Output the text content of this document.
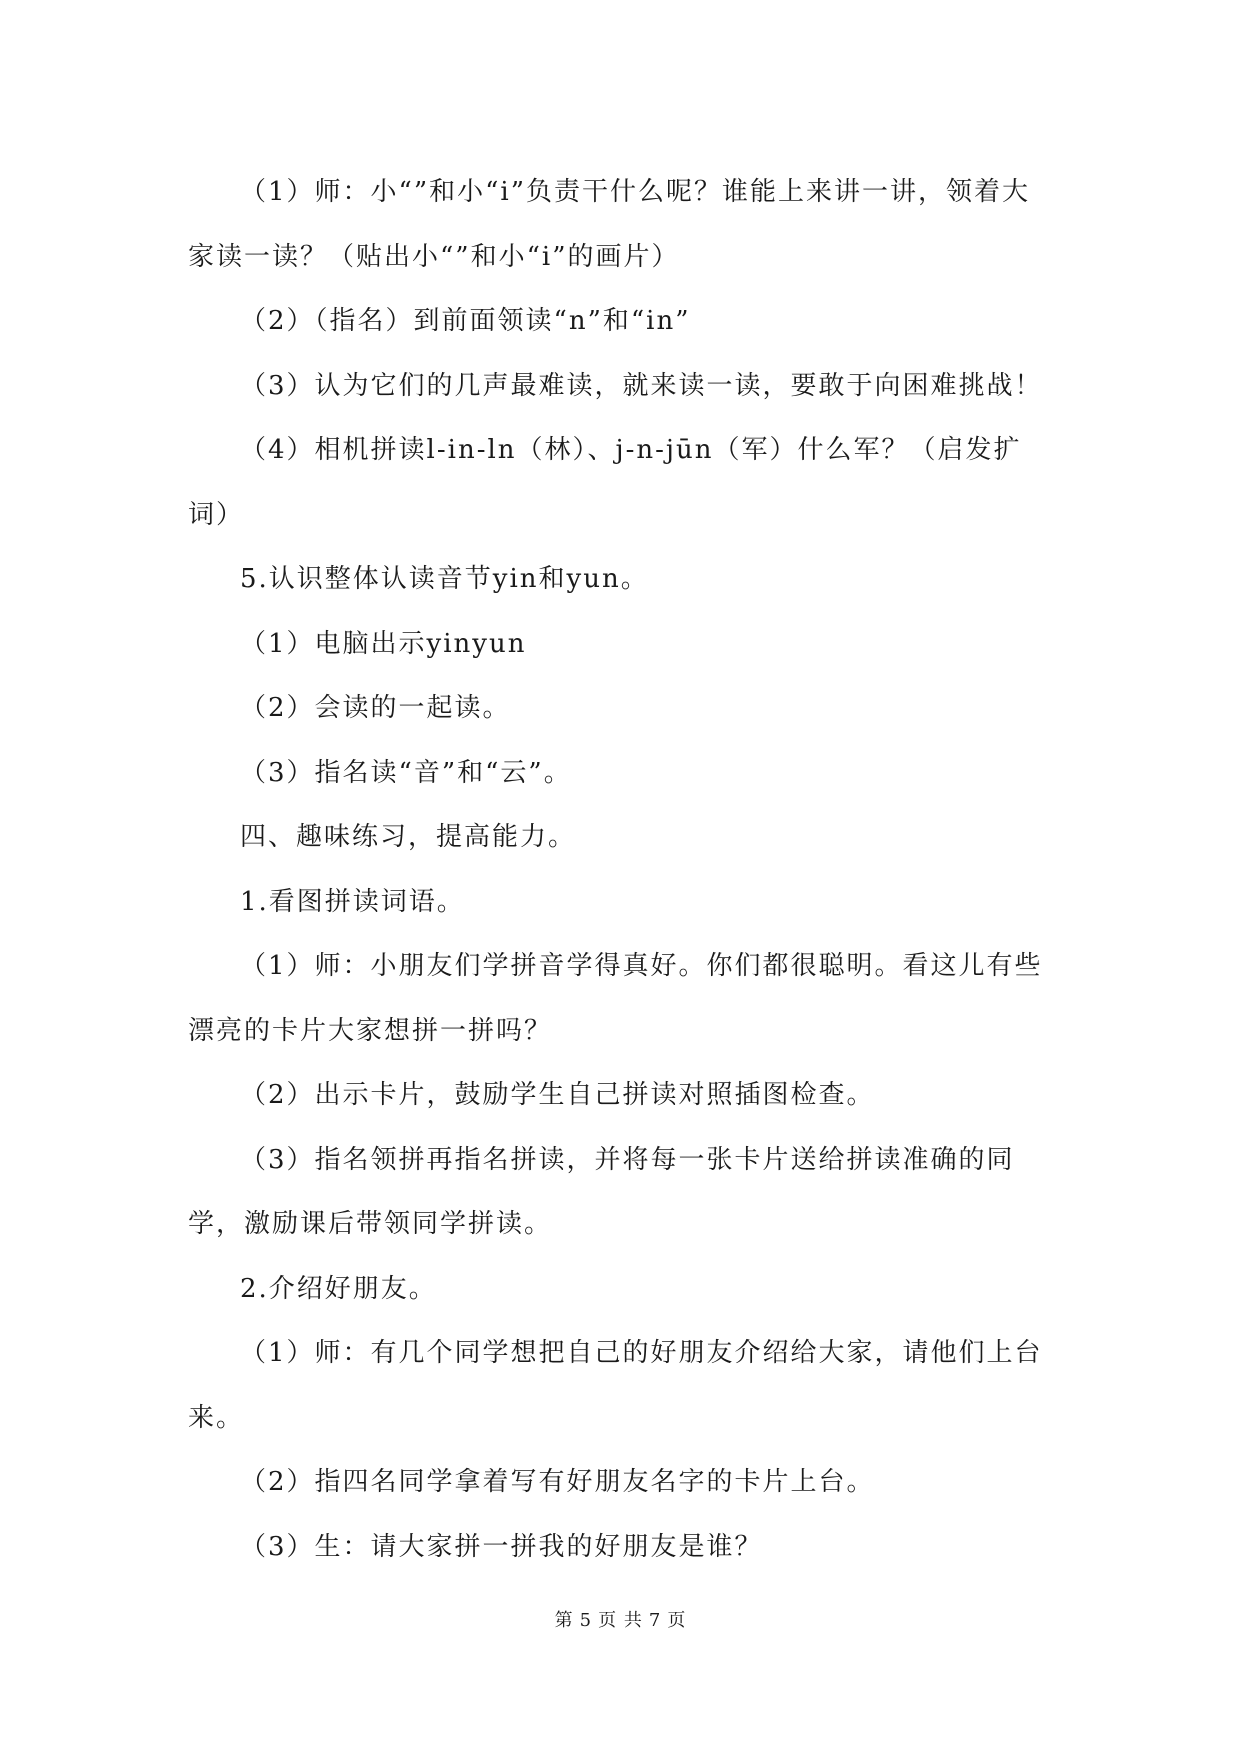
（1）师：小“”和小“i”负责干什么呢？谁能上来讲一讲，领着大家读一读？（贴出小“”和小“i”的画片）

（2）（指名）到前面领读“n”和“in”

（3）认为它们的几声最难读，就来读一读，要敢于向困难挑战！

（4）相机拼读l-in-ln（林）、j-n-jūn（军）什么军？（启发扩词）

5.认识整体认读音节yin和yun。

（1）电脑出示yinyun

（2）会读的一起读。

（3）指名读“音”和“云”。

四、趣味练习，提高能力。

1.看图拼读词语。

（1）师：小朋友们学拼音学得真好。你们都很聪明。看这儿有些漂亮的卡片大家想拼一拼吗？

（2）出示卡片，鼓励学生自己拼读对照插图检查。

（3）指名领拼再指名拼读，并将每一张卡片送给拼读准确的同学，激励课后带领同学拼读。

2.介绍好朋友。

（1）师：有几个同学想把自己的好朋友介绍给大家，请他们上台来。

（2）指四名同学拿着写有好朋友名字的卡片上台。

（3）生：请大家拼一拼我的好朋友是谁？

第 5 页 共 7 页
